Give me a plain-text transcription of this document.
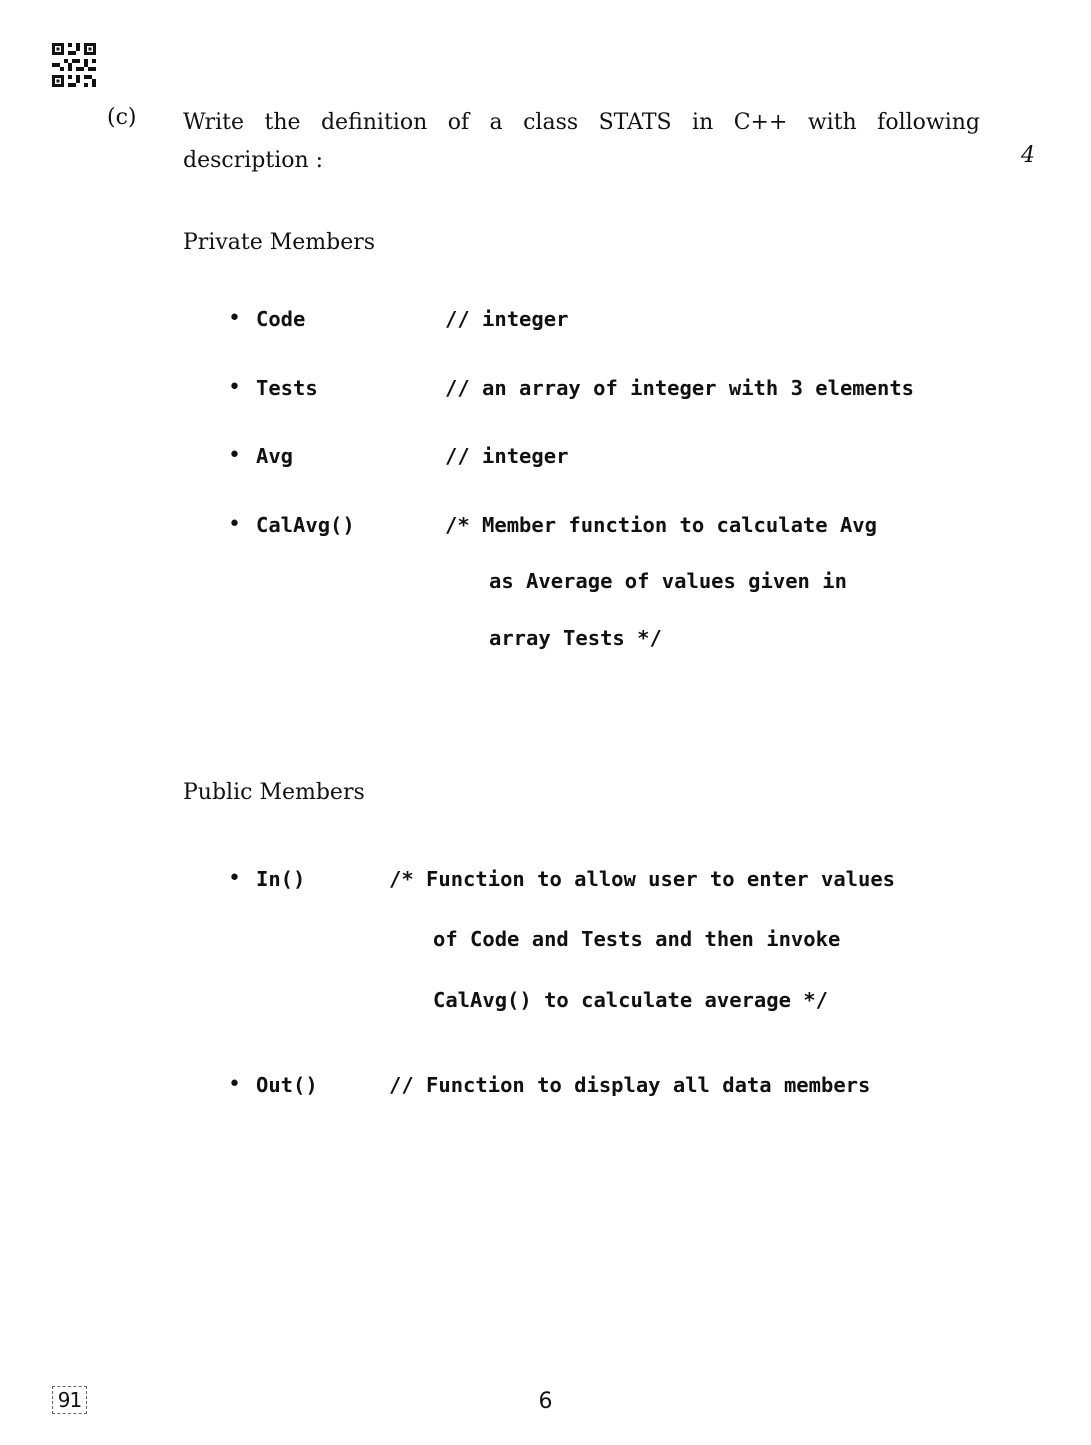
(c) Write the definition of a class STATS in C++ with following
description :	4
Private Members
• Code	// integer
• Tests	// an array of integer with 3 elements
• Avg	// integer
• CalAvg()	/* Member function to calculate Avg
as Average of values given in
array Tests */
Public Members
• In()	/* Function to allow user to enter values
of Code and Tests and then invoke
CalAvg() to calculate average */
• Out()	// Function to display all data members
91	6
